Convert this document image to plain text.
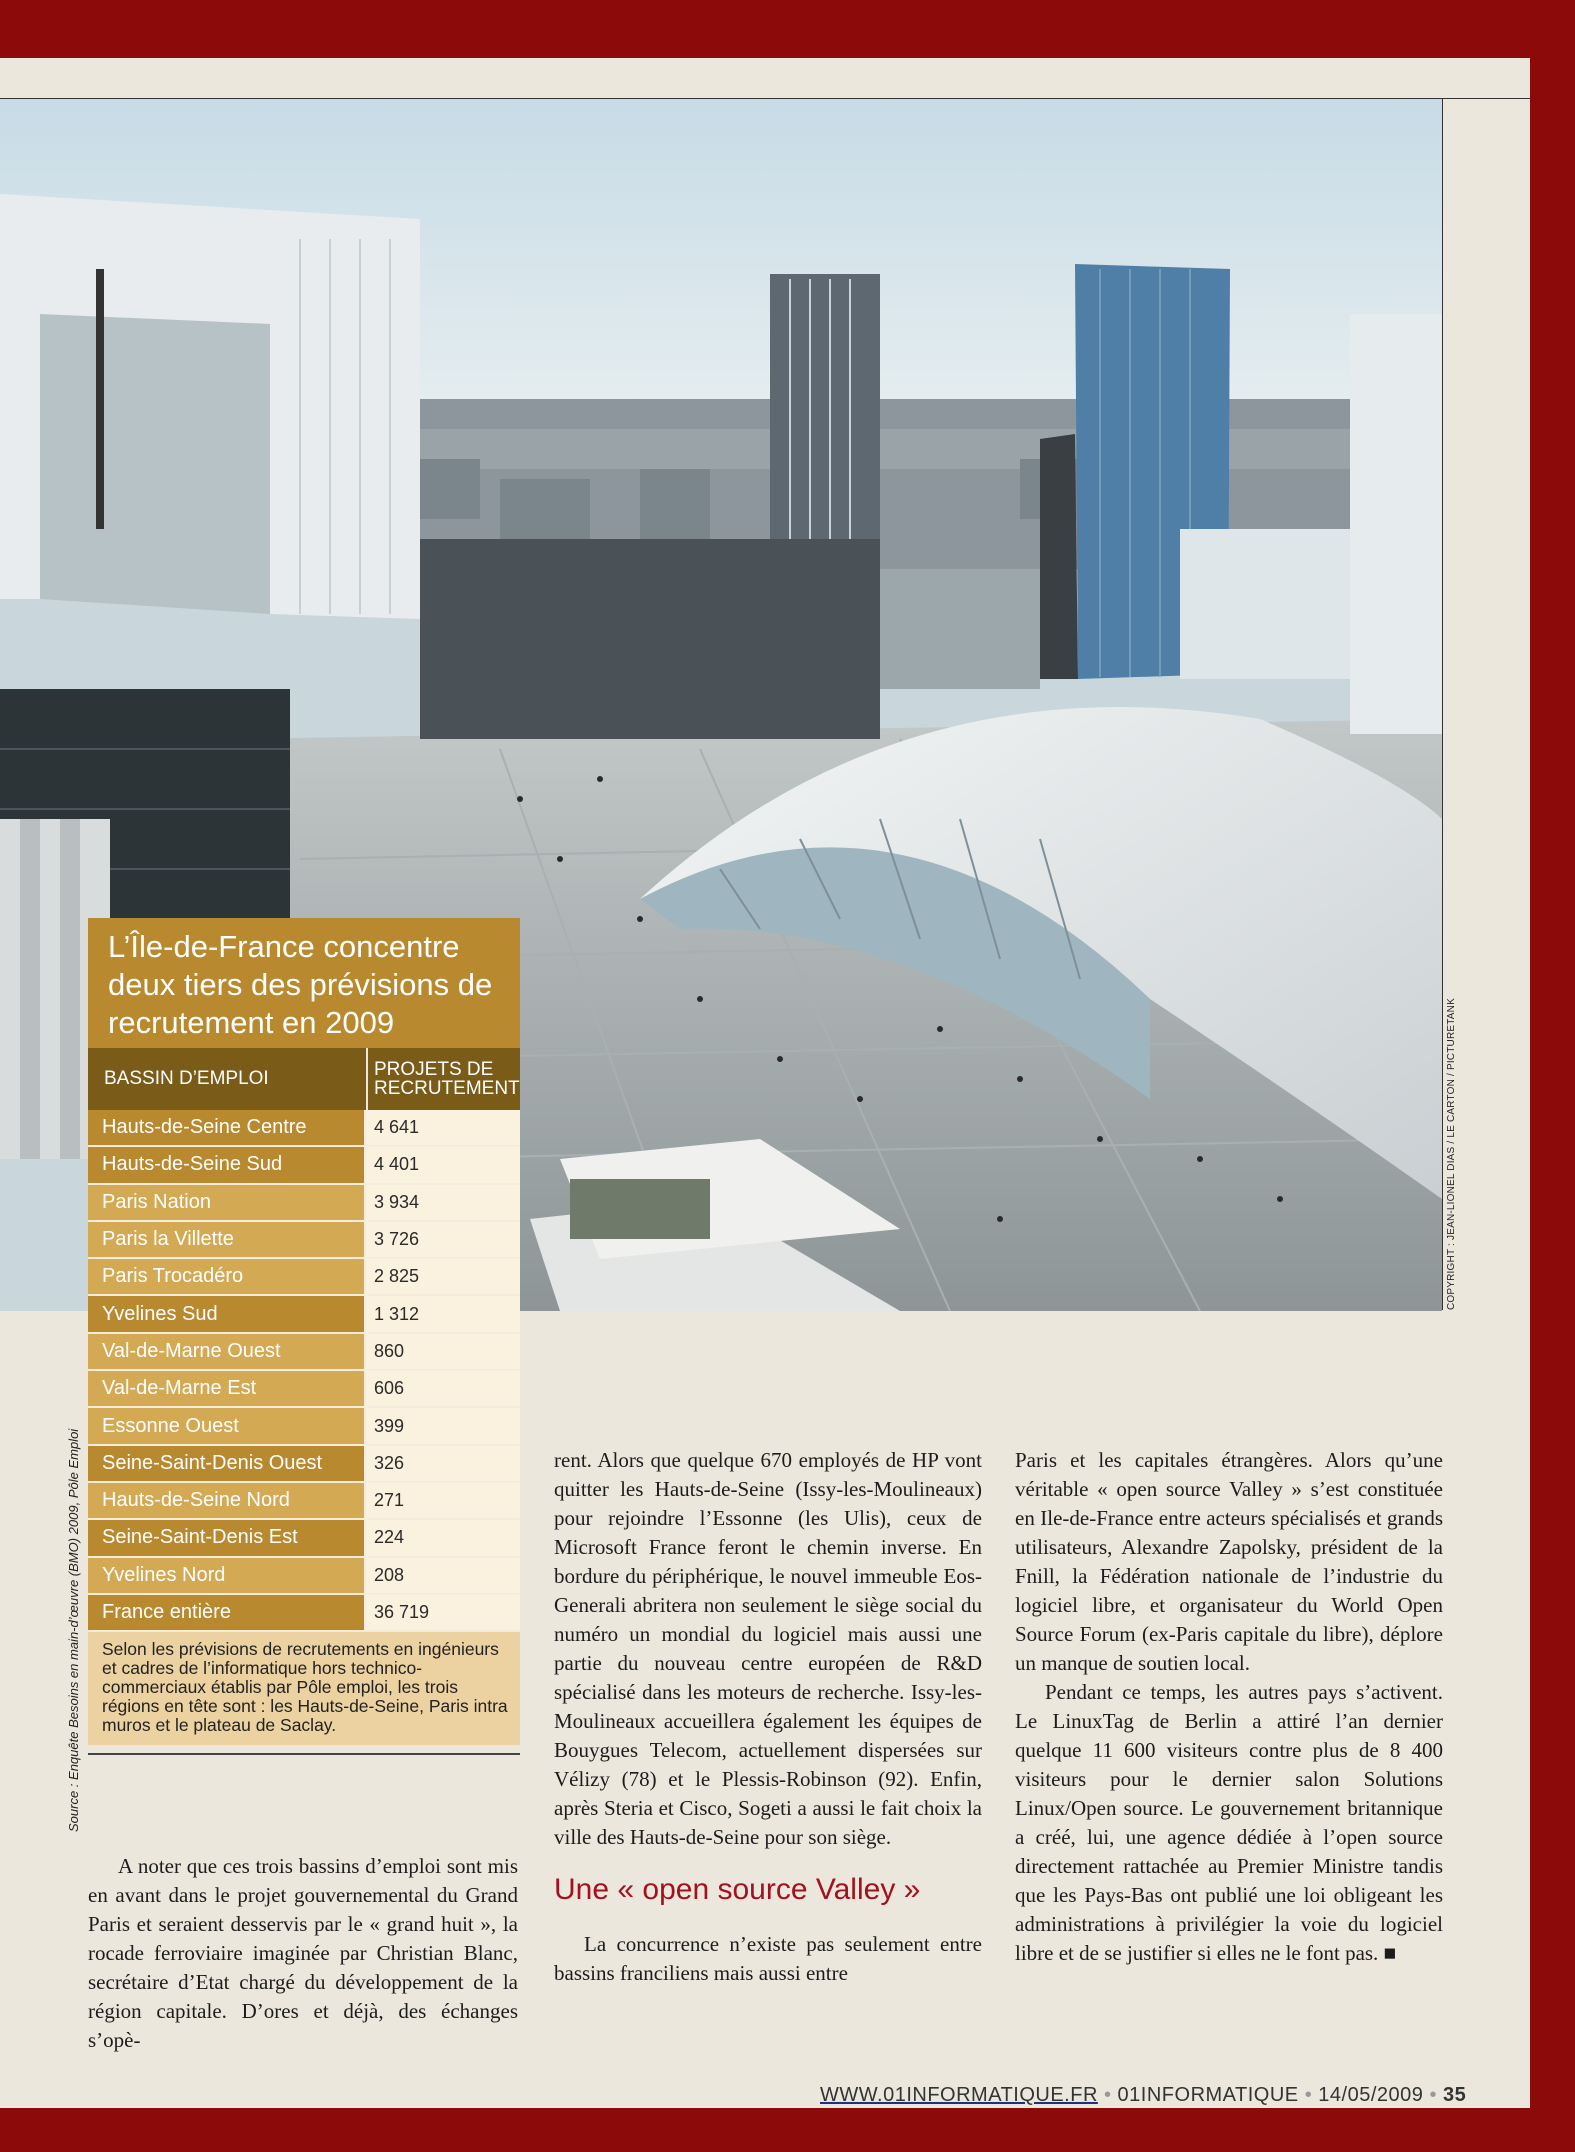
COPYRIGHT : JEAN-LIONEL DIAS / LE CARTON / PICTURETANK
L’Île-de-France concentre deux tiers des prévisions de recrutement en 2009
BASSIN D’EMPLOI	PROJETS DE RECRUTEMENT
Hauts-de-Seine Centre	4 641
Hauts-de-Seine Sud	4 401
Paris Nation	3 934
Paris la Villette	3 726
Paris Trocadéro	2 825
Yvelines Sud	1 312
Val-de-Marne Ouest	860
Val-de-Marne Est	606
Essonne Ouest	399
Seine-Saint-Denis Ouest	326
Hauts-de-Seine Nord	271
Seine-Saint-Denis Est	224
Yvelines Nord	208
France entière	36 719
Selon les prévisions de recrutements en ingénieurs et cadres de l’informatique hors technico-commerciaux établis par Pôle emploi, les trois régions en tête sont : les Hauts-de-Seine, Paris intra muros et le plateau de Saclay.
Source : Enquête Besoins en main-d’œuvre (BMO) 2009, Pôle Emploi

A noter que ces trois bassins d’emploi sont mis en avant dans le projet gouvernemental du Grand Paris et seraient desservis par le « grand huit », la rocade ferroviaire imaginée par Christian Blanc, secrétaire d’Etat chargé du développement de la région capitale. D’ores et déjà, des échanges s’opè-

rent. Alors que quelque 670 employés de HP vont quitter les Hauts-de-Seine (Issy-les-Moulineaux) pour rejoindre l’Essonne (les Ulis), ceux de Microsoft France feront le chemin inverse. En bordure du périphérique, le nouvel immeuble Eos-Generali abritera non seulement le siège social du numéro un mondial du logiciel mais aussi une partie du nouveau centre européen de R&D spécialisé dans les moteurs de recherche. Issy-les-Moulineaux accueillera également les équipes de Bouygues Telecom, actuellement dispersées sur Vélizy (78) et le Plessis-Robinson (92). Enfin, après Steria et Cisco, Sogeti a aussi le fait choix la ville des Hauts-de-Seine pour son siège.

Une « open source Valley »

La concurrence n’existe pas seulement entre bassins franciliens mais aussi entre

Paris et les capitales étrangères. Alors qu’une véritable « open source Valley » s’est constituée en Ile-de-France entre acteurs spécialisés et grands utilisateurs, Alexandre Zapolsky, président de la Fnill, la Fédération nationale de l’industrie du logiciel libre, et organisateur du World Open Source Forum (ex-Paris capitale du libre), déplore un manque de soutien local.

Pendant ce temps, les autres pays s’activent. Le LinuxTag de Berlin a attiré l’an dernier quelque 11 600 visiteurs contre plus de 8 400 visiteurs pour le dernier salon Solutions Linux/Open source. Le gouvernement britannique a créé, lui, une agence dédiée à l’open source directement rattachée au Premier Ministre tandis que les Pays-Bas ont publié une loi obligeant les administrations à privilégier la voie du logiciel libre et de se justifier si elles ne le font pas. ■

WWW.01INFORMATIQUE.FR • 01INFORMATIQUE • 14/05/2009 • 35
